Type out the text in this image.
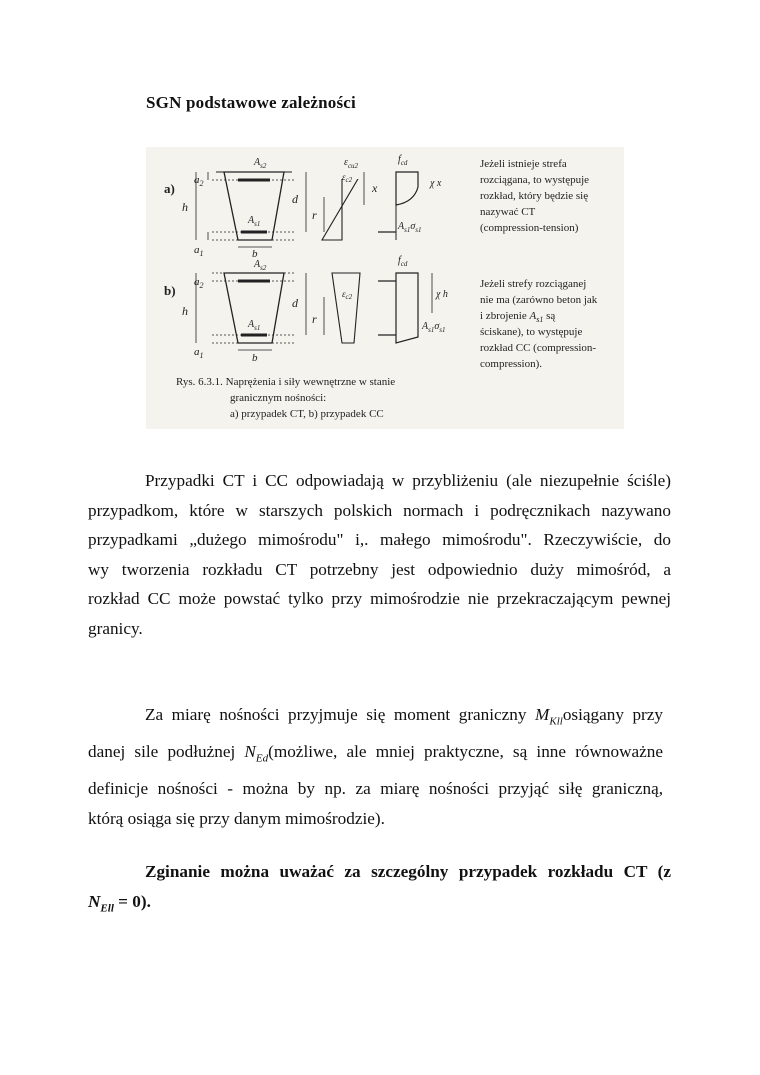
SGN podstawowe zależności
a)
h
$a_2$
$a_1$
$A_{s2}$
$A_{s1}$
b
d
r
$\varepsilon_{cu2}$
$\varepsilon_{c2}$
x
$f_{cd}$
χ x
$A_{s1}\sigma_{s1}$
Jeżeli istnieje strefa
rozciągana, to występuje
rozkład, który będzie się
nazywać CT
(compression-tension)
b)
h
$a_2$
$a_1$
$A_{s2}$
$A_{s1}$
b
d
r
$\varepsilon_{c2}$
$f_{cd}$
χ h
$A_{s1}\sigma_{s1}$
Jeżeli strefy rozciąganej
nie ma (zarówno beton jak
i zbrojenie $A_{s1}$ są
ściskane), to występuje
rozkład CC (compression-
compression).
Rys. 6.3.1. Naprężenia i siły wewnętrzne w stanie
granicznym nośności:
a) przypadek CT, b) przypadek CC
Przypadki CT i CC odpowiadają w przybliżeniu (ale niezupełnie ściśle)
przypadkom, które w starszych polskich normach i podręcznikach nazywano
przypadkami „dużego mimośrodu" i,. małego mimośrodu". Rzeczywiście, do
wy tworzenia rozkładu CT potrzebny jest odpowiednio duży mimośród, a
rozkład CC może powstać tylko przy mimośrodzie nie przekraczającym pewnej
granicy.
Za miarę nośności przyjmuje się moment graniczny $M_{Kll}osiągany$ przy
danej sile podłużnej $N_{Ed}(możliwe$, ale mniej praktyczne, są inne równoważne
definicje nośności - można by np. za miarę nośności przyjąć siłę graniczną,
którą osiąga się przy danym mimośrodzie).
Zginanie można uważać za szczególny przypadek rozkładu CT (z
$N_{Ell} = 0$).
